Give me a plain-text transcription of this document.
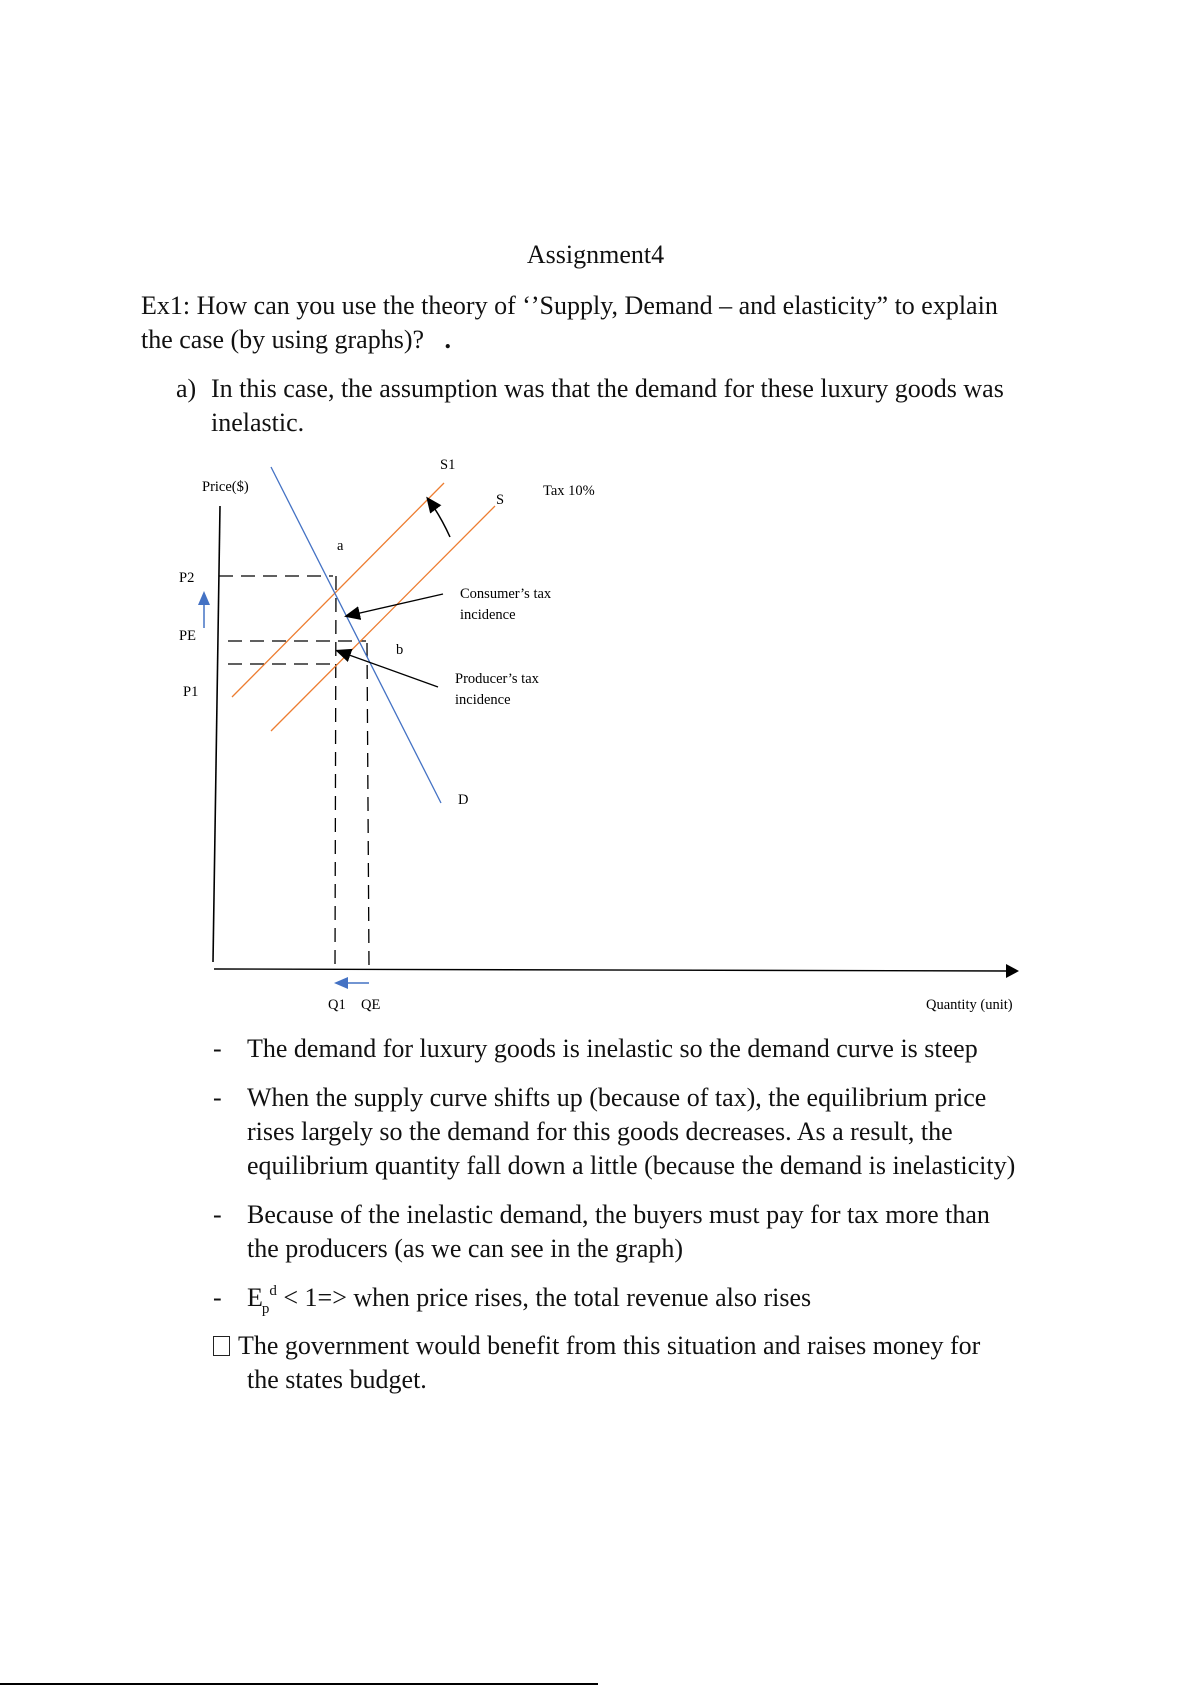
Assignment4
Ex1: How can you use the theory of ‘’Supply, Demand – and elasticity” to explain
the case (by using graphs)? .
a) In this case, the assumption was that the demand for these luxury goods was
inelastic.
Price($)
S1
S
Tax 10%
a
b
P2
PE
P1
Consumer’s tax
incidence
Producer’s tax
incidence
D
Q1 QE	Quantity (unit)
- The demand for luxury goods is inelastic so the demand curve is steep
- When the supply curve shifts up (because of tax), the equilibrium price
rises largely so the demand for this goods decreases. As a result, the
equilibrium quantity fall down a little (because the demand is inelasticity)
- Because of the inelastic demand, the buyers must pay for tax more than
the producers (as we can see in the graph)
- $E_p^d < 1=>$ when price rises, the total revenue also rises
The government would benefit from this situation and raises money for
the states budget.
